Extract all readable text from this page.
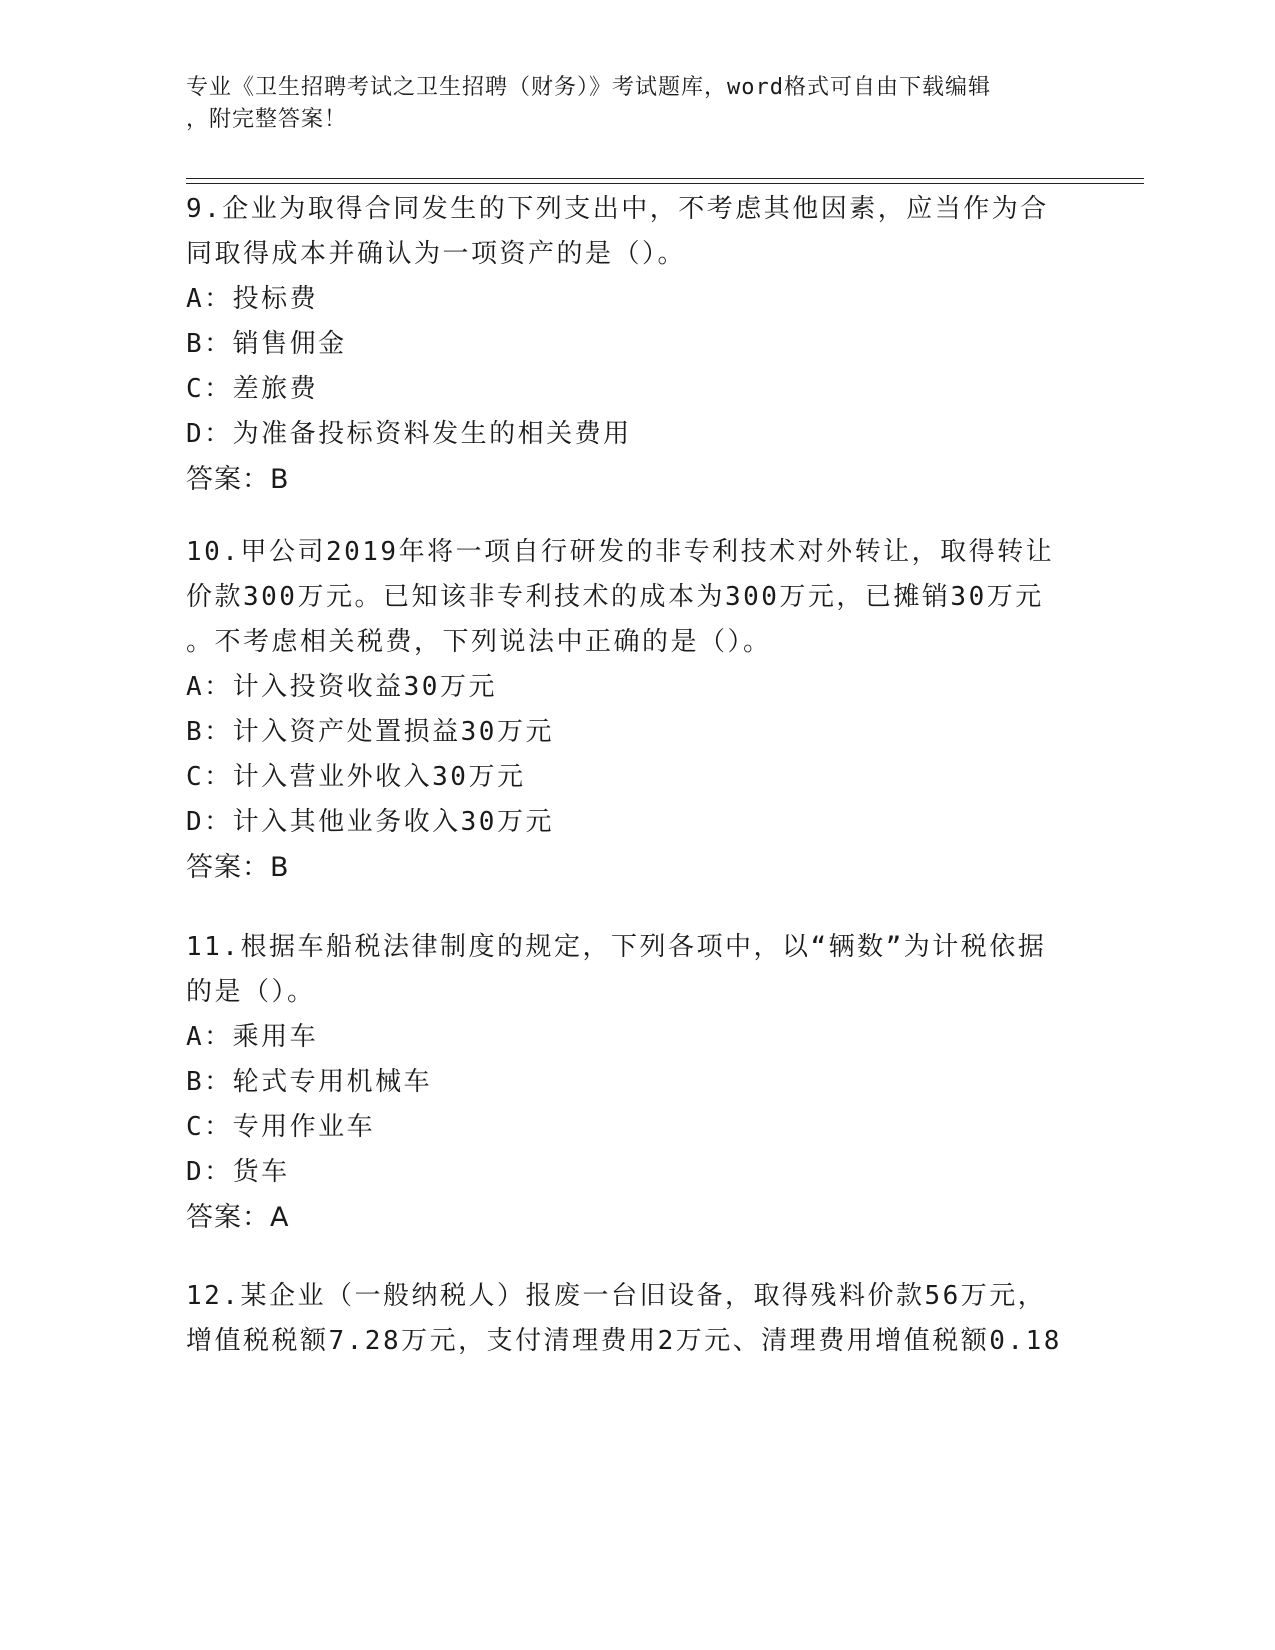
专业《卫生招聘考试之卫生招聘（财务）》考试题库，word格式可自由下载编辑
，附完整答案！
9.企业为取得合同发生的下列支出中，不考虑其他因素，应当作为合
同取得成本并确认为一项资产的是（）。
A：投标费
B：销售佣金
C：差旅费
D：为准备投标资料发生的相关费用
答案：B
10.甲公司2019年将一项自行研发的非专利技术对外转让，取得转让
价款300万元。已知该非专利技术的成本为300万元，已摊销30万元
。不考虑相关税费，下列说法中正确的是（）。
A：计入投资收益30万元
B：计入资产处置损益30万元
C：计入营业外收入30万元
D：计入其他业务收入30万元
答案：B
11.根据车船税法律制度的规定，下列各项中，以“辆数”为计税依据
的是（）。
A：乘用车
B：轮式专用机械车
C：专用作业车
D：货车
答案：A
12.某企业（一般纳税人）报废一台旧设备，取得残料价款56万元，
增值税税额7.28万元，支付清理费用2万元、清理费用增值税额0.18
